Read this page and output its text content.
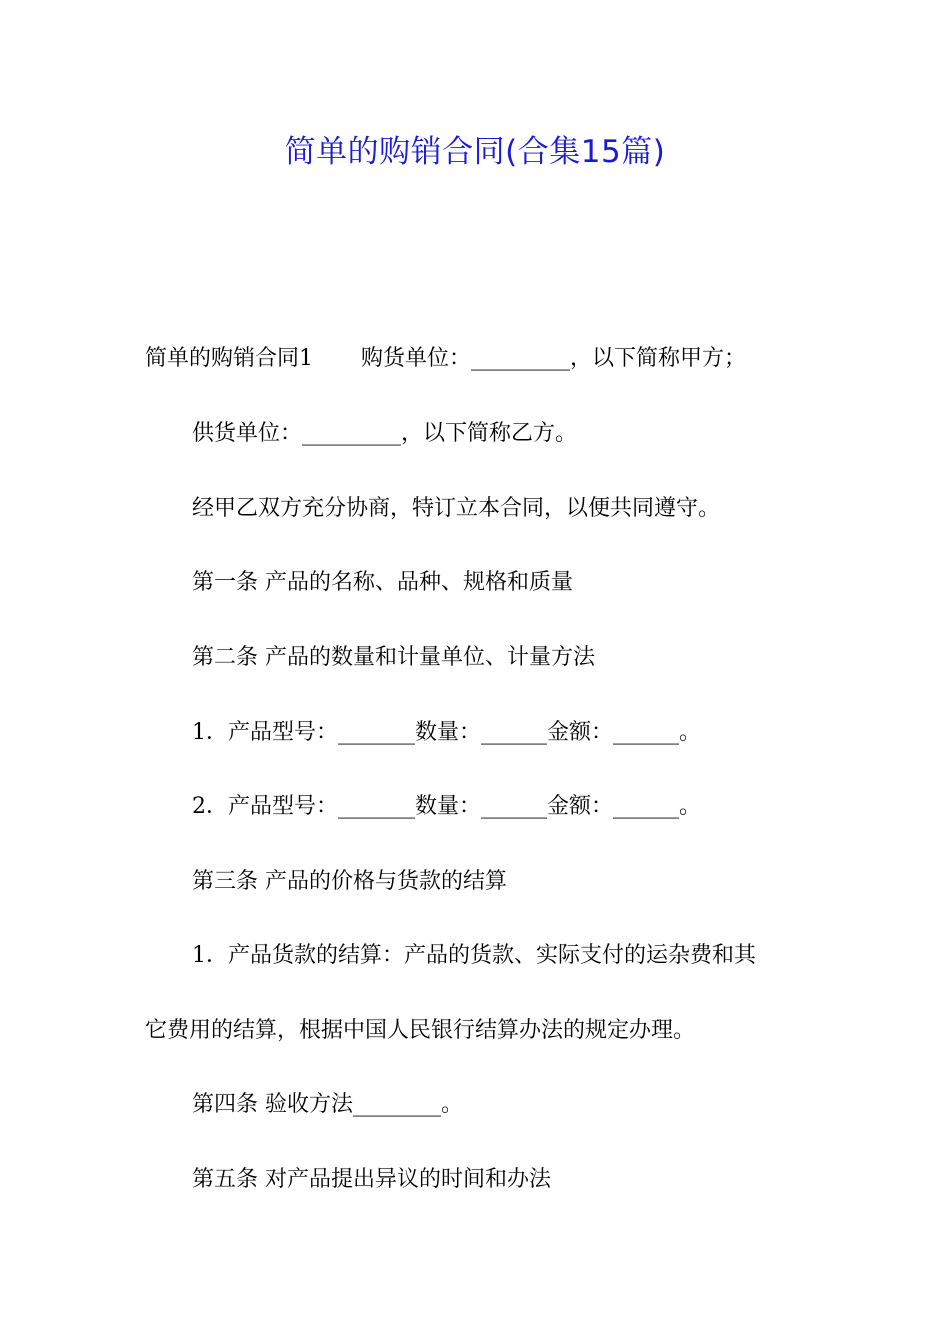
简单的购销合同(合集15篇)
简单的购销合同1 购货单位：_________，以下简称甲方；
供货单位：_________，以下简称乙方。
经甲乙双方充分协商，特订立本合同，以便共同遵守。
第一条 产品的名称、品种、规格和质量
第二条 产品的数量和计量单位、计量方法
1．产品型号：_______数量：______金额：______。
2．产品型号：_______数量：______金额：______。
第三条 产品的价格与货款的结算
1．产品货款的结算：产品的货款、实际支付的运杂费和其
它费用的结算，根据中国人民银行结算办法的规定办理。
第四条 验收方法________。
第五条 对产品提出异议的时间和办法
